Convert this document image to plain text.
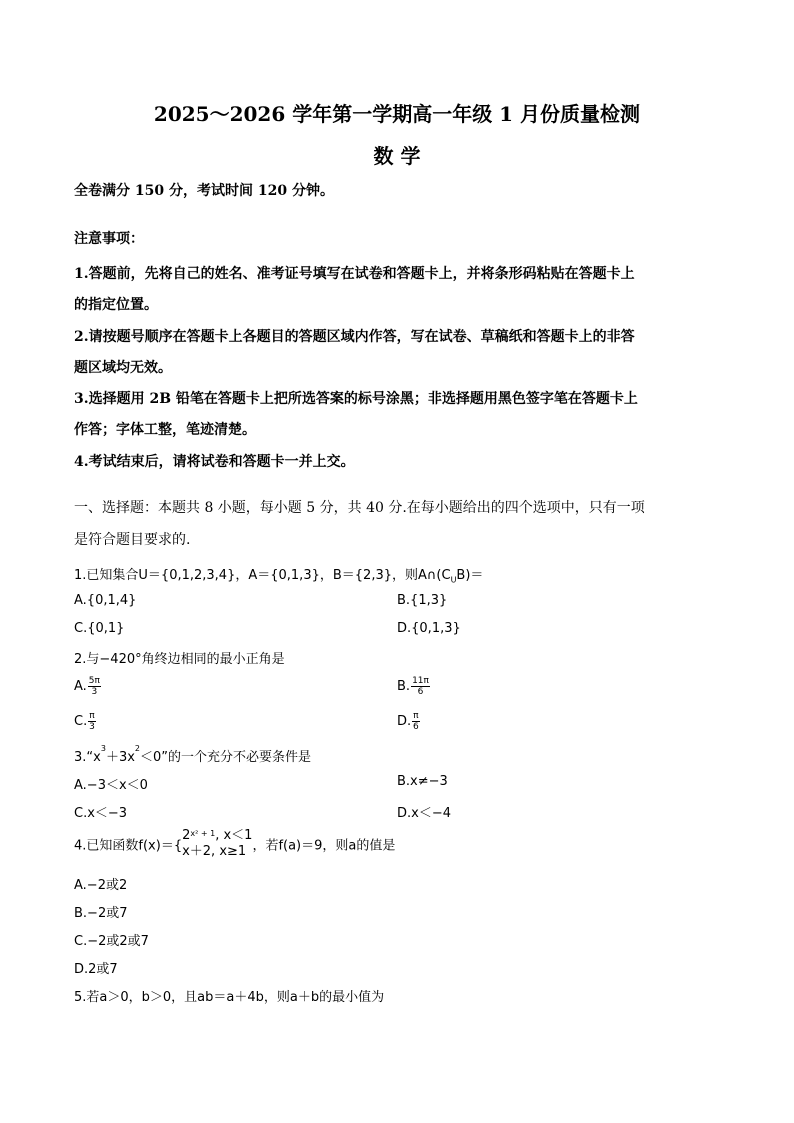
2025～2026 学年第一学期高一年级 1 月份质量检测
数 学
全卷满分 150 分，考试时间 120 分钟。
注意事项：
1.答题前，先将自己的姓名、准考证号填写在试卷和答题卡上，并将条形码粘贴在答题卡上
的指定位置。
2.请按题号顺序在答题卡上各题目的答题区域内作答，写在试卷、草稿纸和答题卡上的非答
题区域均无效。
3.选择题用 2B 铅笔在答题卡上把所选答案的标号涂黑；非选择题用黑色签字笔在答题卡上
作答；字体工整，笔迹清楚。
4.考试结束后，请将试卷和答题卡一并上交。
一、选择题：本题共 8 小题，每小题 5 分，共 40 分.在每小题给出的四个选项中，只有一项
是符合题目要求的.
1.已知集合U＝{0,1,2,3,4}，A＝{0,1,3}，B＝{2,3}，则$A\cap(C_UB)=$
A.{0,1,4}	B.{1,3}
C.{0,1}	D.{0,1,3}
2.与−420°角终边相同的最小正角是
A. $\frac{5\pi}{3}$	B. $\frac{11\pi}{6}$
C. $\frac{\pi}{3}$	D. $\frac{\pi}{6}$
$3.“x^3+3x^2<0$”的一个充分不必要条件是
A.−3＜x＜0	B.x≠−3
C.x＜−3	D.x＜−4
4.已知函数f(x)＝{
$2^{x^2 + 1}$, x＜1
x＋2, x≥1 ，若f(a)＝9，则a的值是
A.−2或2
B.−2或7
C.−2或2或7
D.2或7
5.若a＞0，b＞0，且ab＝a＋4b，则a＋b的最小值为
